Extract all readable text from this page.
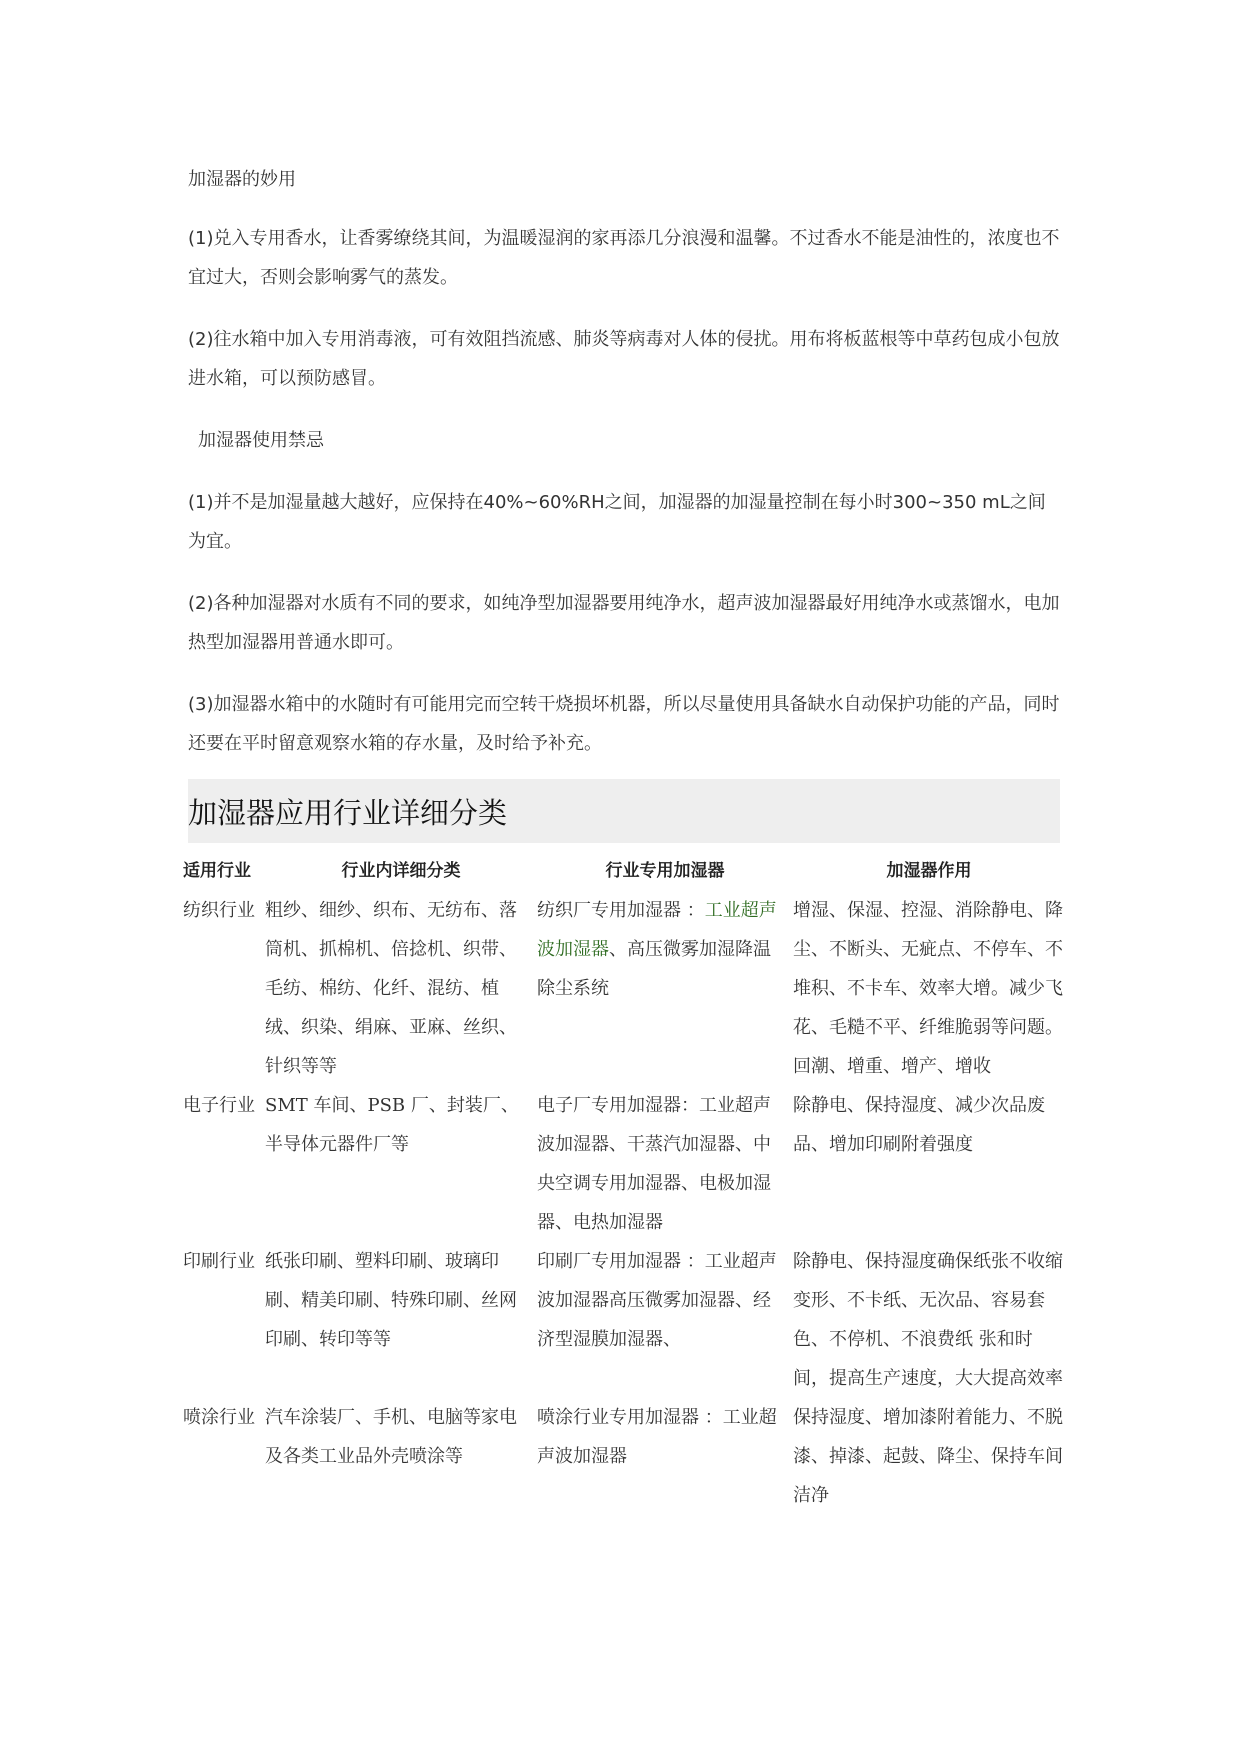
加湿器的妙用

(1)兑入专用香水，让香雾缭绕其间，为温暖湿润的家再添几分浪漫和温馨。不过香水不能是油性的，浓度也不宜过大，否则会影响雾气的蒸发。

(2)往水箱中加入专用消毒液，可有效阻挡流感、肺炎等病毒对人体的侵扰。用布将板蓝根等中草药包成小包放进水箱，可以预防感冒。

加湿器使用禁忌

(1)并不是加湿量越大越好，应保持在40%~60%RH之间，加湿器的加湿量控制在每小时300~350 mL之间为宜。

(2)各种加湿器对水质有不同的要求，如纯净型加湿器要用纯净水，超声波加湿器最好用纯净水或蒸馏水，电加热型加湿器用普通水即可。

(3)加湿器水箱中的水随时有可能用完而空转干烧损坏机器，所以尽量使用具备缺水自动保护功能的产品，同时还要在平时留意观察水箱的存水量，及时给予补充。

加湿器应用行业详细分类
适用行业	行业内详细分类	行业专用加湿器	加湿器作用
纺织行业	粗纱、细纱、织布、无纺布、落筒机、抓棉机、倍捻机、织带、毛纺、棉纺、化纤、混纺、植绒、织染、绢麻、亚麻、丝织、针织等等	纺织厂专用加湿器 ：工业超声波加湿器、高压微雾加湿降温除尘系统	增湿、保湿、控湿、消除静电、降尘、不断头、无疵点、不停车、不堆积、不卡车、效率大增。减少飞花、毛糙不平、纤维脆弱等问题。回潮、增重、增产、增收
电子行业	SMT 车间、PSB 厂、封装厂、半导体元器件厂等	电子厂专用加湿器：工业超声波加湿器、干蒸汽加湿器、中央空调专用加湿器、电极加湿器、电热加湿器	除静电、保持湿度、减少次品废品、增加印刷附着强度
印刷行业	纸张印刷、塑料印刷、玻璃印刷、精美印刷、特殊印刷、丝网印刷、转印等等	印刷厂专用加湿器 ：工业超声波加湿器高压微雾加湿器、经济型湿膜加湿器、	除静电、保持湿度确保纸张不收缩变形、不卡纸、无次品、容易套色、不停机、不浪费纸 张和时间，提高生产速度，大大提高效率
喷涂行业	汽车涂装厂、手机、电脑等家电及各类工业品外壳喷涂等	喷涂行业专用加湿器 ：工业超声波加湿器	保持湿度、增加漆附着能力、不脱漆、掉漆、起鼓、降尘、保持车间洁净
